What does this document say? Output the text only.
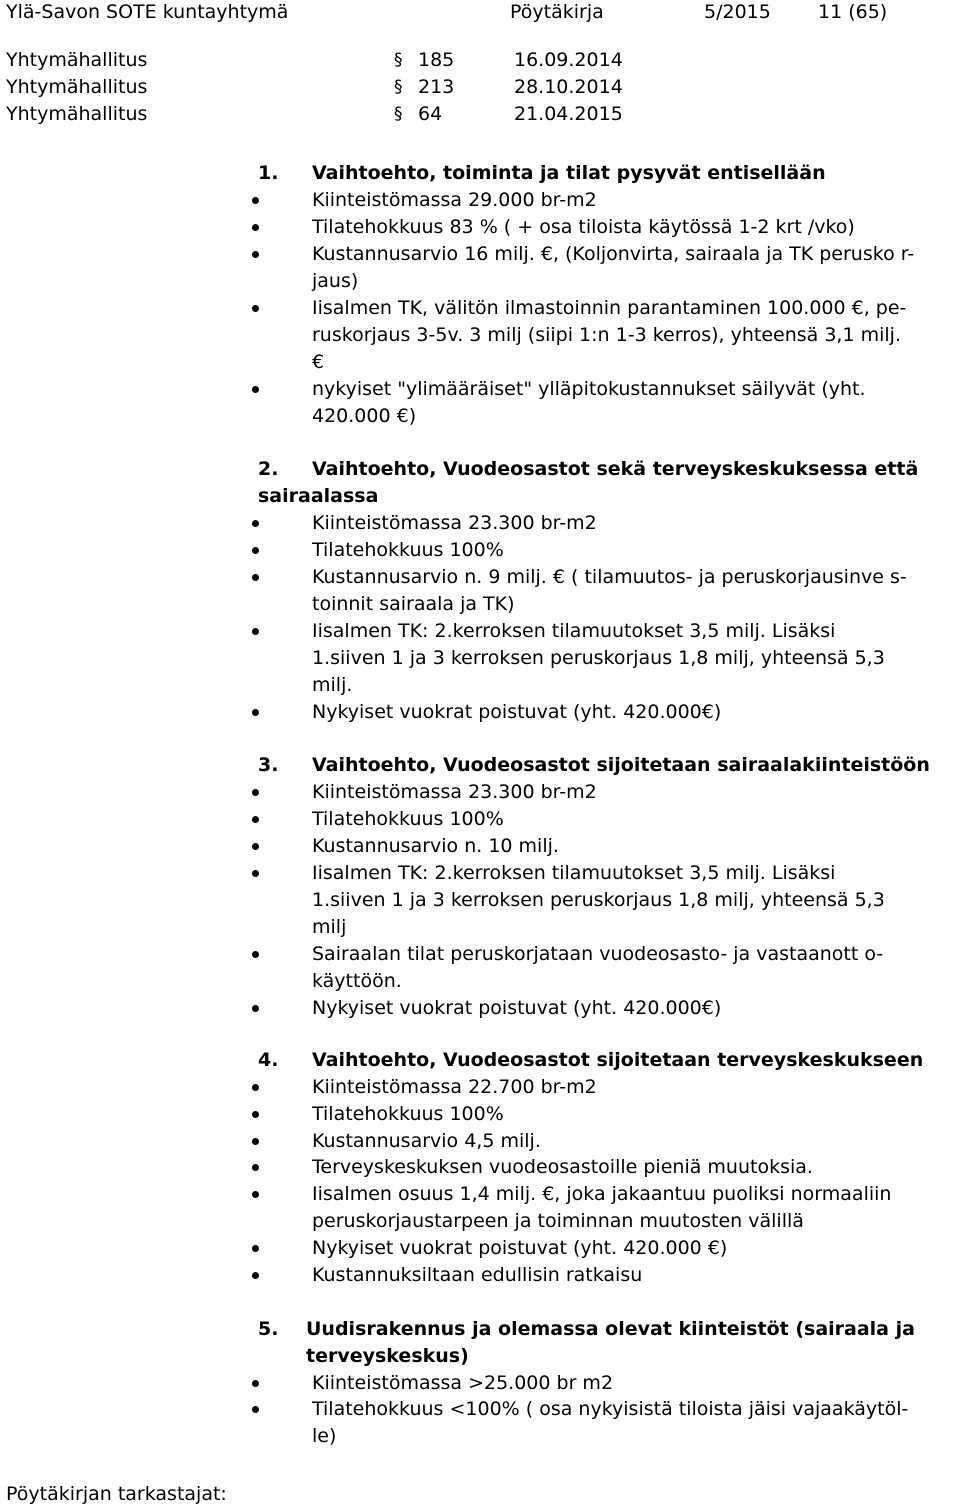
Ylä-Savon SOTE kuntayhtymä	Pöytäkirja	5/2015 11 (65)
Yhtymähallitus	§ 185	16.09.2014
Yhtymähallitus	§ 213	28.10.2014
Yhtymähallitus	§ 64	21.04.2015
1. Vaihtoehto, toiminta ja tilat pysyvät entisellään
Kiinteistömassa 29.000 br-m2
Tilatehokkuus 83 % ( + osa tiloista käytössä 1-2 krt /vko)
Kustannusarvio 16 milj. €, (Koljonvirta, sairaala ja TK perusko r-
jaus)
Iisalmen TK, välitön ilmastoinnin parantaminen 100.000 €, pe-
ruskorjaus 3-5v. 3 milj (siipi 1:n 1-3 kerros), yhteensä 3,1 milj.
€
nykyiset "ylimääräiset" ylläpitokustannukset säilyvät (yht.
420.000 €)
2. Vaihtoehto, Vuodeosastot sekä terveyskeskuksessa että
sairaalassa
Kiinteistömassa 23.300 br-m2
Tilatehokkuus 100%
Kustannusarvio n. 9 milj. € ( tilamuutos- ja peruskorjausinve s-
toinnit sairaala ja TK)
Iisalmen TK: 2.kerroksen tilamuutokset 3,5 milj. Lisäksi
1.siiven 1 ja 3 kerroksen peruskorjaus 1,8 milj, yhteensä 5,3
milj.
Nykyiset vuokrat poistuvat (yht. 420.000€)
3. Vaihtoehto, Vuodeosastot sijoitetaan sairaalakiinteistöön
Kiinteistömassa 23.300 br-m2
Tilatehokkuus 100%
Kustannusarvio n. 10 milj.
Iisalmen TK: 2.kerroksen tilamuutokset 3,5 milj. Lisäksi
1.siiven 1 ja 3 kerroksen peruskorjaus 1,8 milj, yhteensä 5,3
milj
Sairaalan tilat peruskorjataan vuodeosasto- ja vastaanott o-
käyttöön.
Nykyiset vuokrat poistuvat (yht. 420.000€)
4. Vaihtoehto, Vuodeosastot sijoitetaan terveyskeskukseen
Kiinteistömassa 22.700 br-m2
Tilatehokkuus 100%
Kustannusarvio 4,5 milj.
Terveyskeskuksen vuodeosastoille pieniä muutoksia.
Iisalmen osuus 1,4 milj. €, joka jakaantuu puoliksi normaaliin
peruskorjaustarpeen ja toiminnan muutosten välillä
Nykyiset vuokrat poistuvat (yht. 420.000 €)
Kustannuksiltaan edullisin ratkaisu
5. Uudisrakennus ja olemassa olevat kiinteistöt (sairaala ja
terveyskeskus)
Kiinteistömassa >25.000 br m2
Tilatehokkuus <100% ( osa nykyisistä tiloista jäisi vajaakäytöl-
le)
Pöytäkirjan tarkastajat:
